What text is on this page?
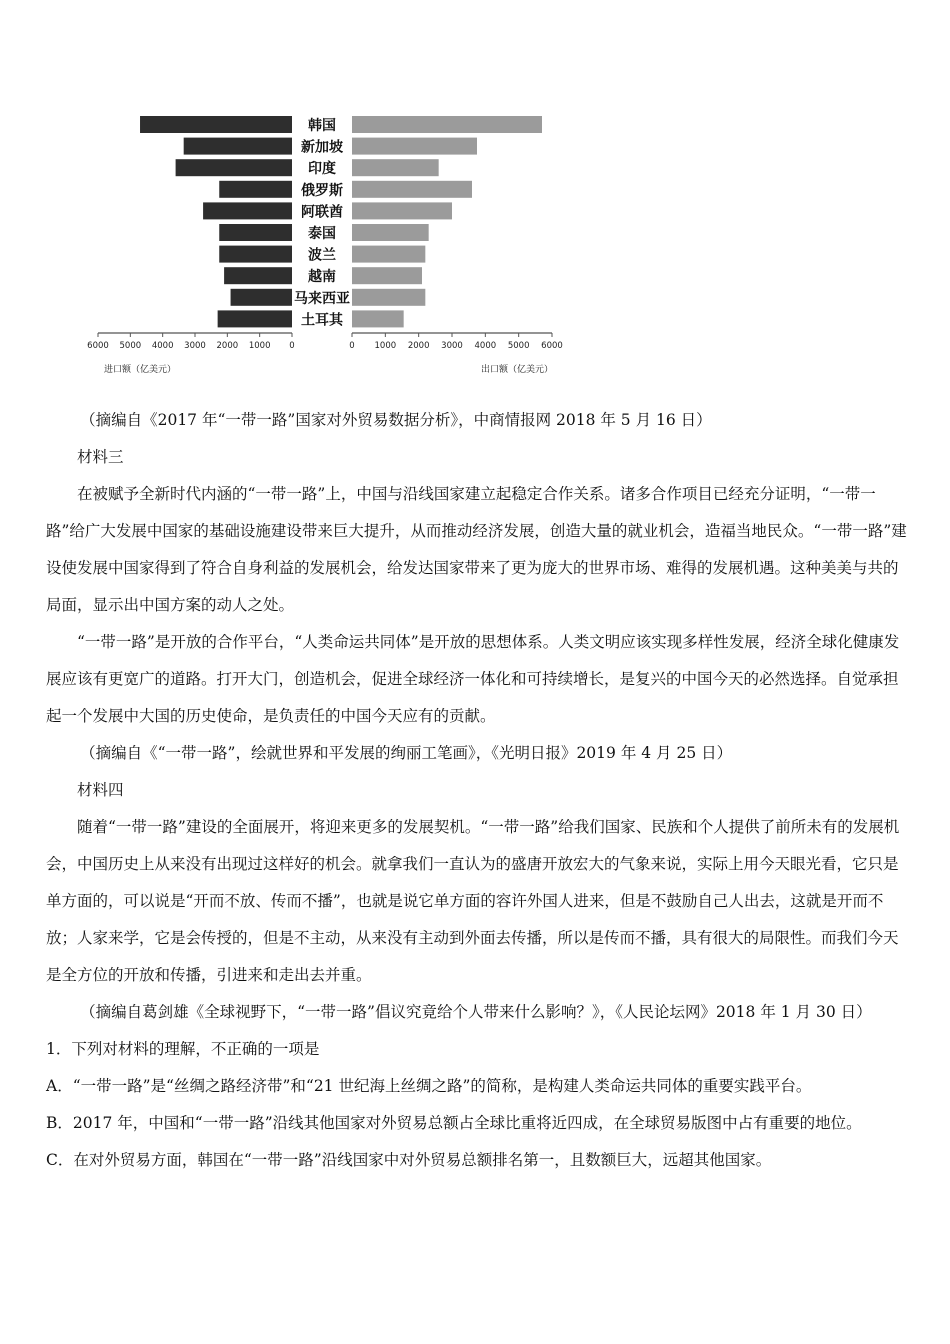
韩国
新加坡
印度
俄罗斯
阿联酋
泰国
波兰
越南
马来西亚
土耳其
6000 5000 4000 3000 2000 1000 0	0 1000 2000 3000 4000 5000 6000
进口额（亿美元）	出口额（亿美元）

（摘编自《2017 年“一带一路”国家对外贸易数据分析》，中商情报网 2018 年 5 月 16 日）

材料三

在被赋予全新时代内涵的“一带一路”上，中国与沿线国家建立起稳定合作关系。诸多合作项目已经充分证明，“一带一路”给广大发展中国家的基础设施建设带来巨大提升，从而推动经济发展，创造大量的就业机会，造福当地民众。“一带一路”建设使发展中国家得到了符合自身利益的发展机会，给发达国家带来了更为庞大的世界市场、难得的发展机遇。这种美美与共的局面，显示出中国方案的动人之处。

“一带一路”是开放的合作平台，“人类命运共同体”是开放的思想体系。人类文明应该实现多样性发展，经济全球化健康发展应该有更宽广的道路。打开大门，创造机会，促进全球经济一体化和可持续增长，是复兴的中国今天的必然选择。自觉承担起一个发展中大国的历史使命，是负责任的中国今天应有的贡献。

（摘编自《“一带一路”，绘就世界和平发展的绚丽工笔画》，《光明日报》2019 年 4 月 25 日）

材料四

随着“一带一路”建设的全面展开，将迎来更多的发展契机。“一带一路”给我们国家、民族和个人提供了前所未有的发展机会，中国历史上从来没有出现过这样好的机会。就拿我们一直认为的盛唐开放宏大的气象来说，实际上用今天眼光看，它只是单方面的，可以说是“开而不放、传而不播”，也就是说它单方面的容许外国人进来，但是不鼓励自己人出去，这就是开而不放；人家来学，它是会传授的，但是不主动，从来没有主动到外面去传播，所以是传而不播，具有很大的局限性。而我们今天是全方位的开放和传播，引进来和走出去并重。

（摘编自葛剑雄《全球视野下，“一带一路”倡议究竟给个人带来什么影响？》，《人民论坛网》2018 年 1 月 30 日）

1．下列对材料的理解，不正确的一项是

A．“一带一路”是“丝绸之路经济带”和“21 世纪海上丝绸之路”的简称，是构建人类命运共同体的重要实践平台。

B．2017 年，中国和“一带一路”沿线其他国家对外贸易总额占全球比重将近四成，在全球贸易版图中占有重要的地位。

C．在对外贸易方面，韩国在“一带一路”沿线国家中对外贸易总额排名第一，且数额巨大，远超其他国家。
